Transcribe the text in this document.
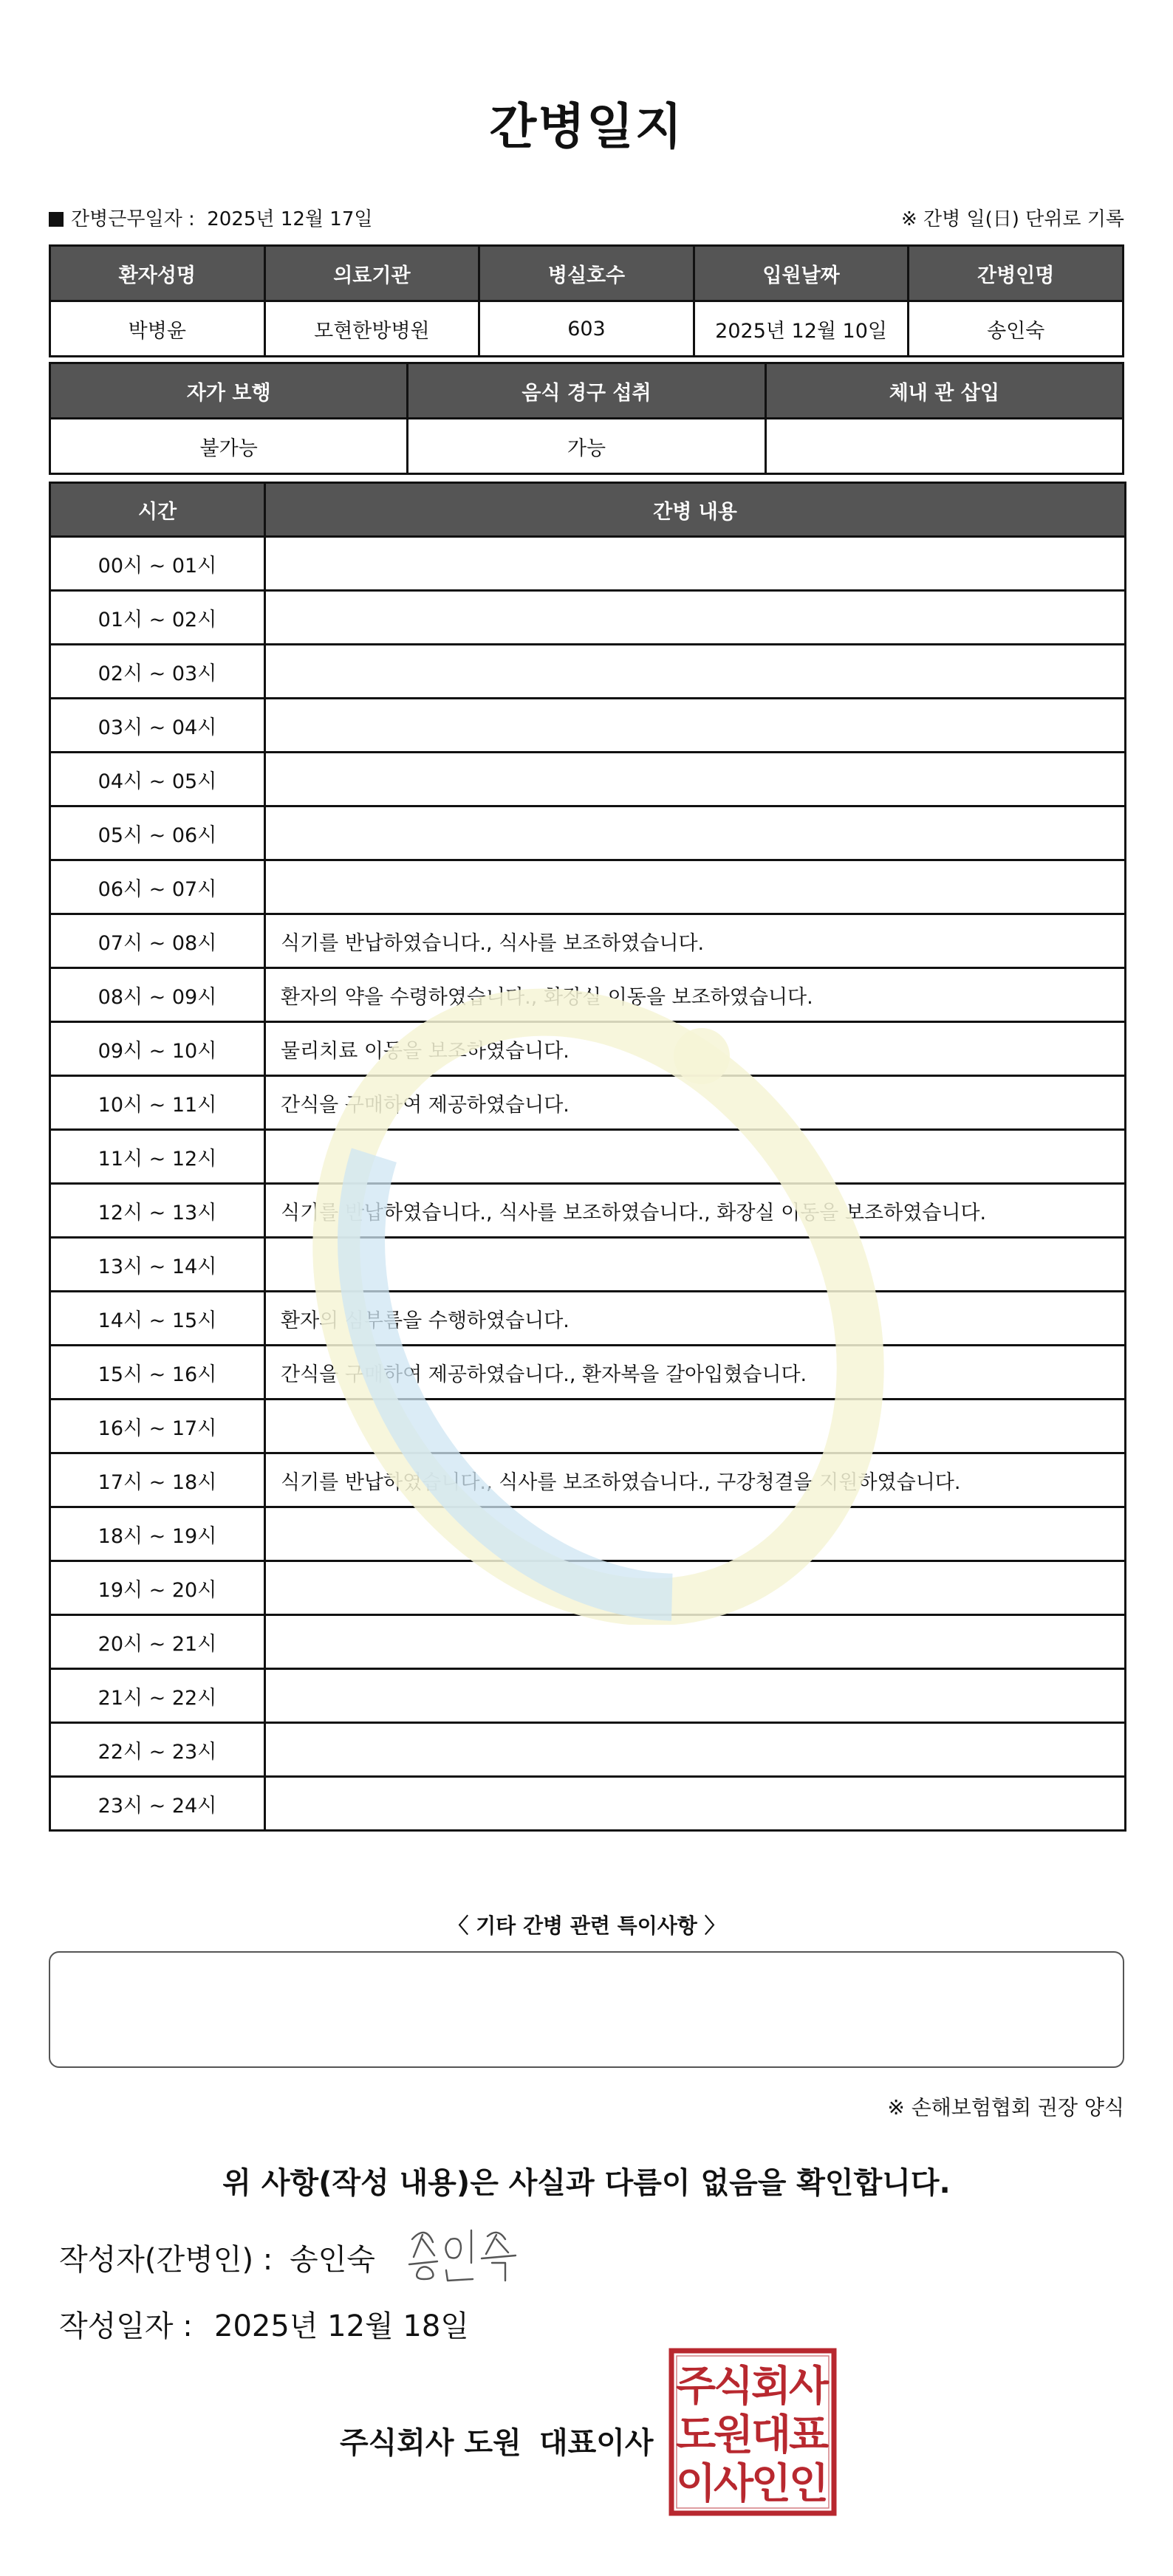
간병일지
간병근무일자 : 2025년 12월 17일	※ 간병 일(日) 단위로 기록
환자성명	의료기관	병실호수	입원날짜	간병인명
박병윤	모현한방병원	603	2025년 12월 10일	송인숙
자가 보행	음식 경구 섭취	체내 관 삽입
불가능	가능	
시간	간병 내용
00시 ~ 01시	
01시 ~ 02시	
02시 ~ 03시	
03시 ~ 04시	
04시 ~ 05시	
05시 ~ 06시	
06시 ~ 07시	
07시 ~ 08시	식기를 반납하였습니다., 식사를 보조하였습니다.
08시 ~ 09시	환자의 약을 수령하였습니다., 화장실 이동을 보조하였습니다.
09시 ~ 10시	물리치료 이동을 보조하였습니다.
10시 ~ 11시	간식을 구매하여 제공하였습니다.
11시 ~ 12시	
12시 ~ 13시	식기를 반납하였습니다., 식사를 보조하였습니다., 화장실 이동을 보조하였습니다.
13시 ~ 14시	
14시 ~ 15시	환자의 심부름을 수행하였습니다.
15시 ~ 16시	간식을 구매하여 제공하였습니다., 환자복을 갈아입혔습니다.
16시 ~ 17시	
17시 ~ 18시	식기를 반납하였습니다., 식사를 보조하였습니다., 구강청결을 지원하였습니다.
18시 ~ 19시	
19시 ~ 20시	
20시 ~ 21시	
21시 ~ 22시	
22시 ~ 23시	
23시 ~ 24시	
〈 기타 간병 관련 특이사항 〉
※ 손해보험협회 권장 양식
위 사항(작성 내용)은 사실과 다름이 없음을 확인합니다.
작성자(간병인) : 송인숙
작성일자 : 2025년 12월 18일
주식회사 도원 대표이사
주
식
회
사
도
원
대
표
이
사
인
인
